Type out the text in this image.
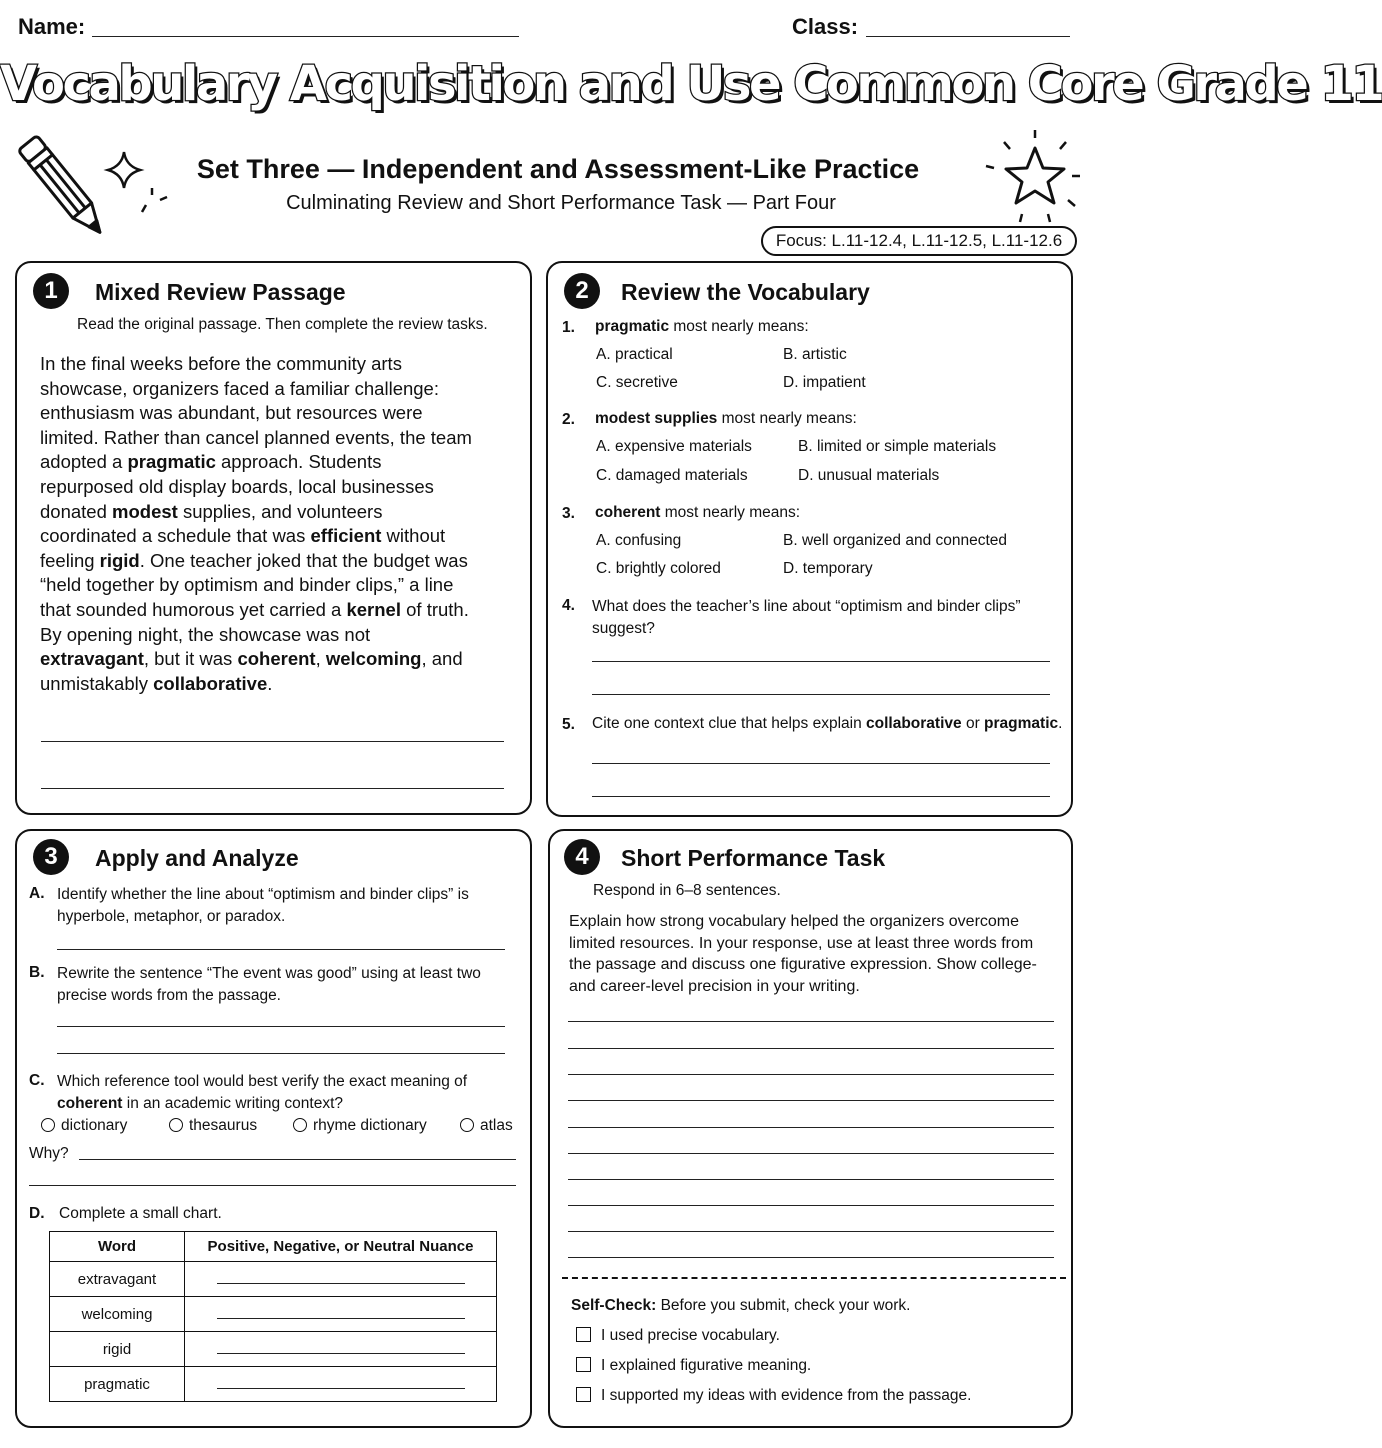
Name:	Class:
Vocabulary Acquisition and Use Common Core Grade 11
Set Three — Independent and Assessment-Like Practice
Culminating Review and Short Performance Task — Part Four
Focus: L.11-12.4, L.11-12.5, L.11-12.6
1	Mixed Review Passage
Read the original passage. Then complete the review tasks.
In the final weeks before the community arts showcase, organizers faced a familiar challenge: enthusiasm was abundant, but resources were limited. Rather than cancel planned events, the team adopted a pragmatic approach. Students repurposed old display boards, local businesses donated modest supplies, and volunteers coordinated a schedule that was efficient without feeling rigid. One teacher joked that the budget was “held together by optimism and binder clips,” a line that sounded humorous yet carried a kernel of truth. By opening night, the showcase was not extravagant, but it was coherent, welcoming, and unmistakably collaborative.
2	Review the Vocabulary
1. pragmatic most nearly means:
A. practical	B. artistic
C. secretive	D. impatient
2. modest supplies most nearly means:
A. expensive materials	B. limited or simple materials
C. damaged materials	D. unusual materials
3. coherent most nearly means:
A. confusing	B. well organized and connected
C. brightly colored	D. temporary
4. What does the teacher’s line about “optimism and binder clips” suggest?
5. Cite one context clue that helps explain collaborative or pragmatic.
3	Apply and Analyze
A. Identify whether the line about “optimism and binder clips” is hyperbole, metaphor, or paradox.
B. Rewrite the sentence “The event was good” using at least two precise words from the passage.
C. Which reference tool would best verify the exact meaning of coherent in an academic writing context?
dictionary	thesaurus	rhyme dictionary	atlas
Why?
D. Complete a small chart.
Word	Positive, Negative, or Neutral Nuance
extravagant	
welcoming	
rigid	
pragmatic	
4	Short Performance Task
Respond in 6–8 sentences.
Explain how strong vocabulary helped the organizers overcome limited resources. In your response, use at least three words from the passage and discuss one figurative expression. Show college- and career-level precision in your writing.
Self-Check: Before you submit, check your work.
I used precise vocabulary.
I explained figurative meaning.
I supported my ideas with evidence from the passage.
